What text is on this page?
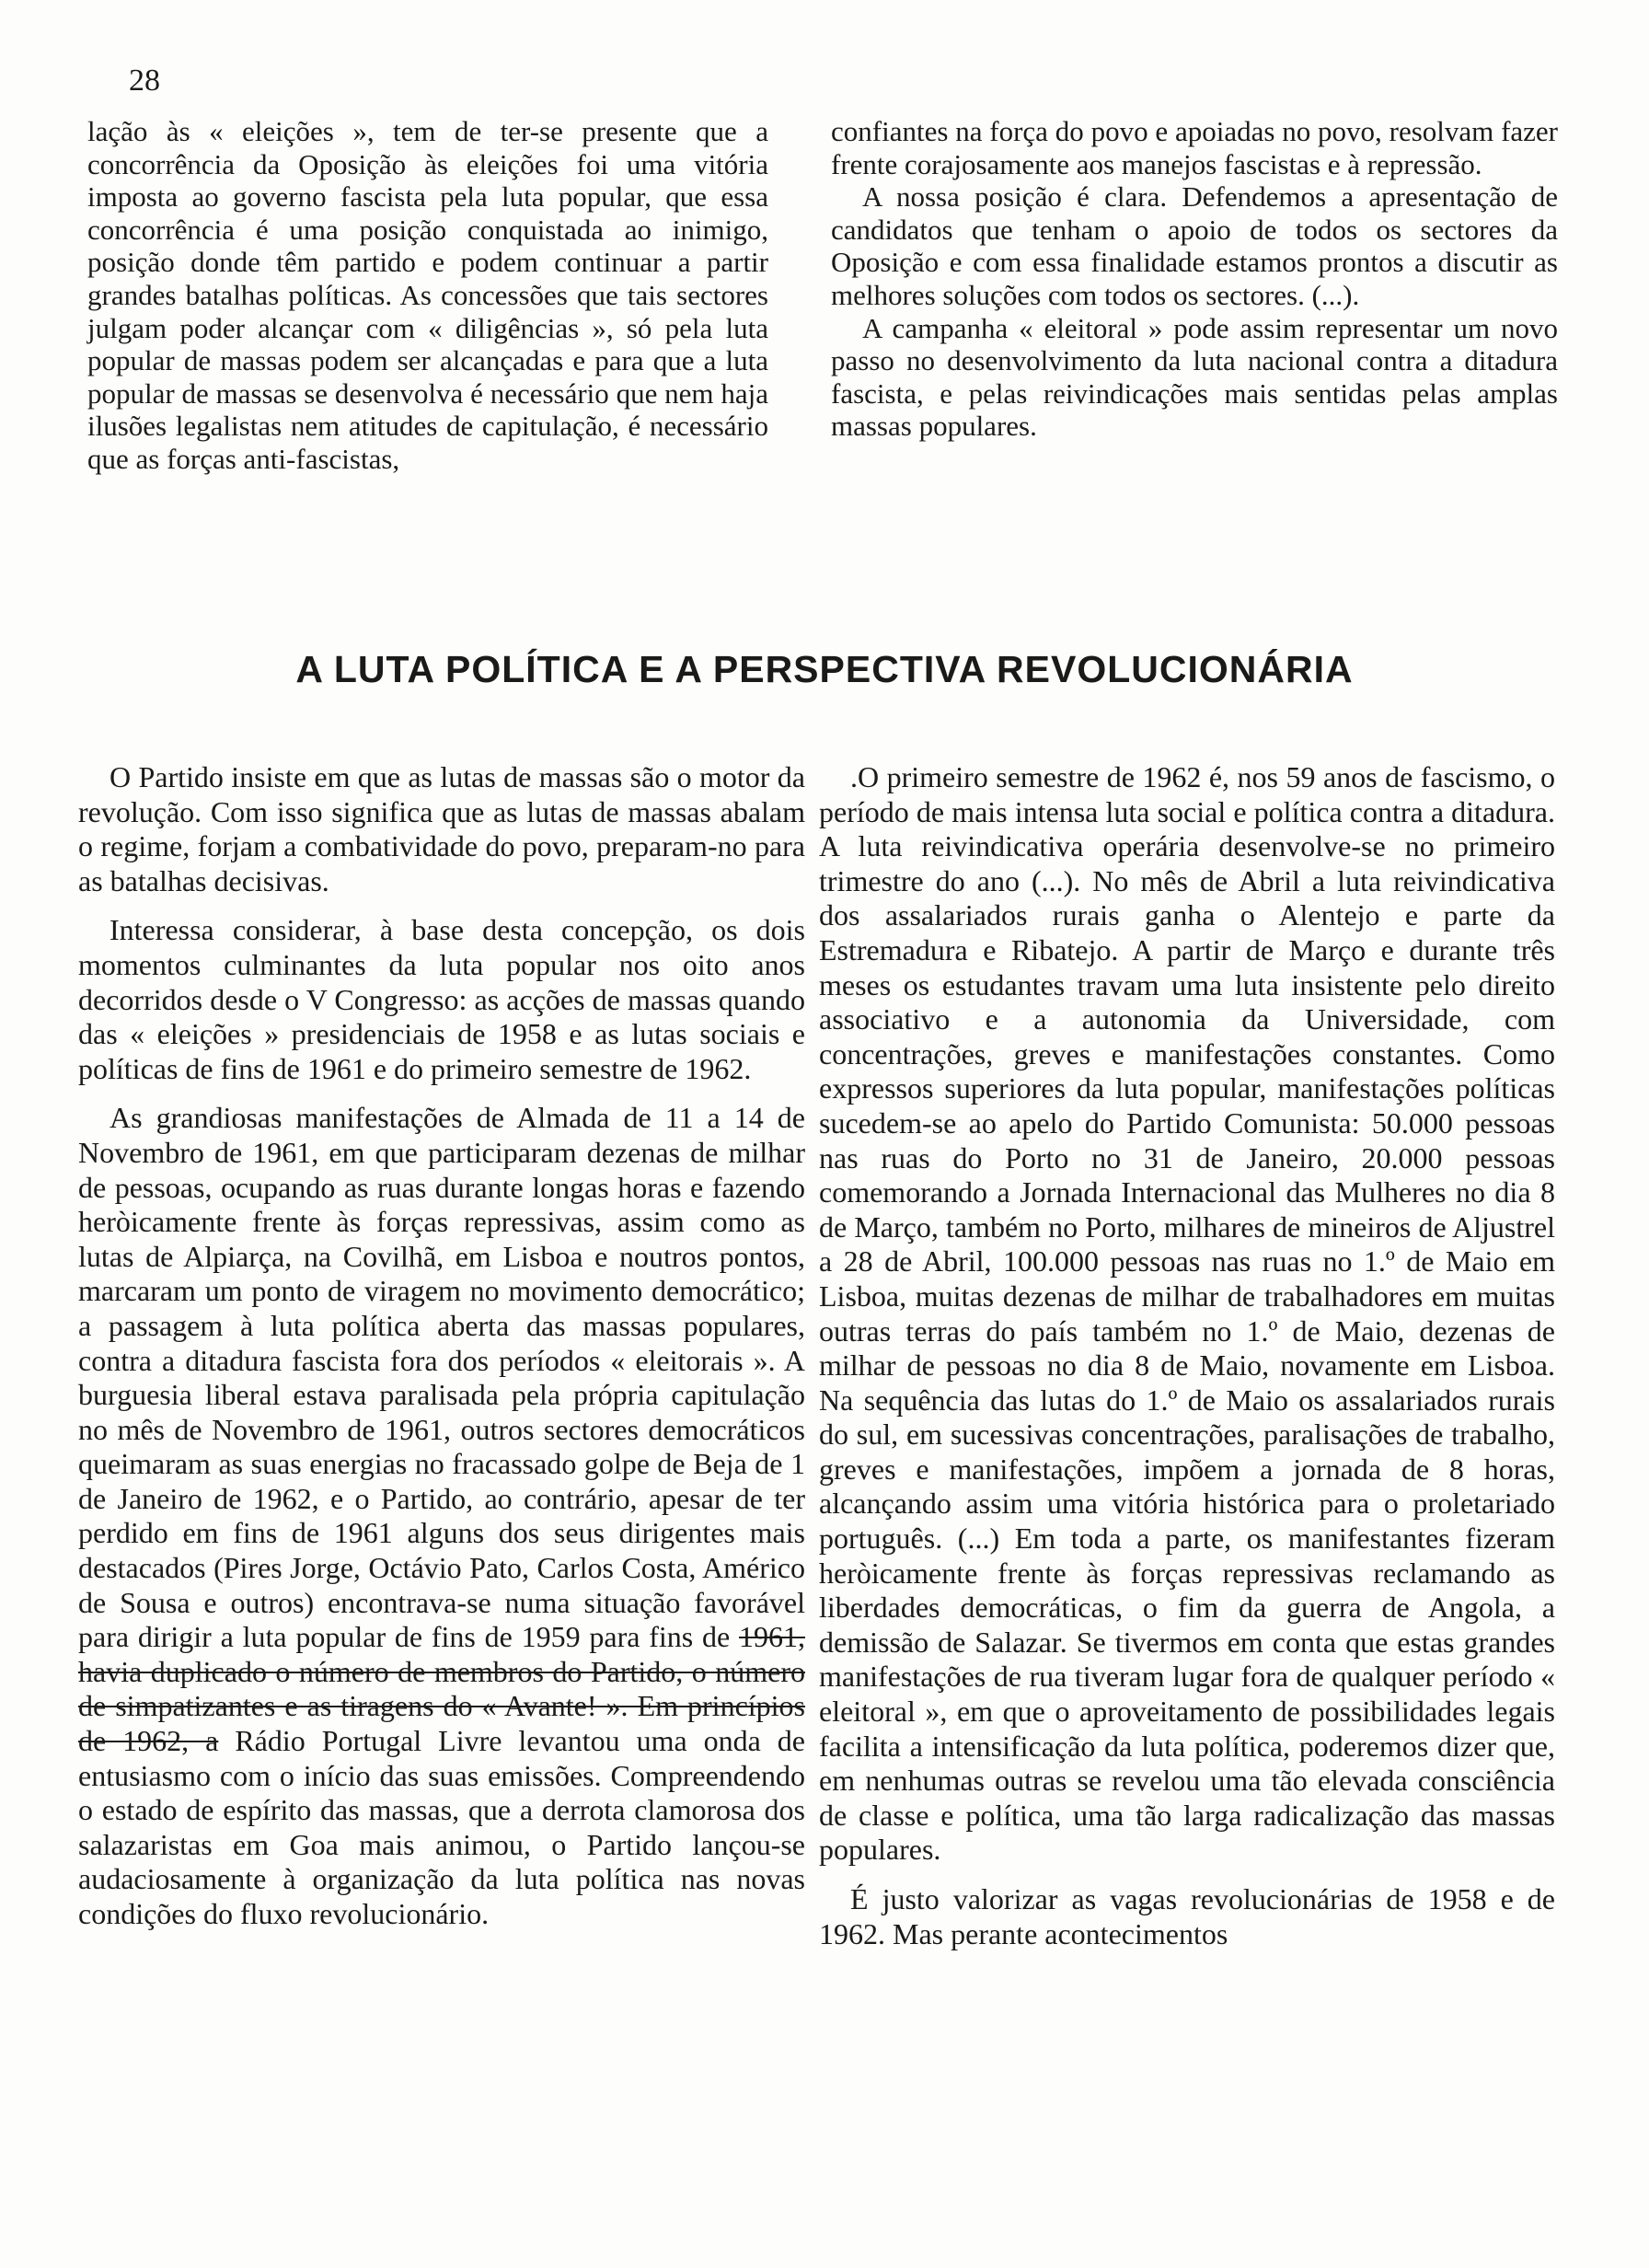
28

lação às « eleições », tem de ter-se presente que a concorrência da Oposição às eleições foi uma vitória imposta ao governo fascista pela luta popular, que essa concorrência é uma posição conquistada ao inimigo, posição donde têm partido e podem continuar a partir grandes batalhas políticas. As concessões que tais sectores julgam poder alcançar com « diligências », só pela luta popular de massas podem ser alcançadas e para que a luta popular de massas se desenvolva é necessário que nem haja ilusões legalistas nem atitudes de capitulação, é necessário que as forças anti-fascistas,

confiantes na força do povo e apoiadas no povo, resolvam fazer frente corajosamente aos manejos fascistas e à repressão.

A nossa posição é clara. Defendemos a apresentação de candidatos que tenham o apoio de todos os sectores da Oposição e com essa finalidade estamos prontos a discutir as melhores soluções com todos os sectores. (...).

A campanha « eleitoral » pode assim representar um novo passo no desenvolvimento da luta nacional contra a ditadura fascista, e pelas reivindicações mais sentidas pelas amplas massas populares.

A LUTA POLÍTICA E A PERSPECTIVA REVOLUCIONÁRIA

O Partido insiste em que as lutas de massas são o motor da revolução. Com isso significa que as lutas de massas abalam o regime, forjam a combatividade do povo, preparam-no para as batalhas decisivas.

Interessa considerar, à base desta concepção, os dois momentos culminantes da luta popular nos oito anos decorridos desde o V Congresso: as acções de massas quando das « eleições » presidenciais de 1958 e as lutas sociais e políticas de fins de 1961 e do primeiro semestre de 1962.

As grandiosas manifestações de Almada de 11 a 14 de Novembro de 1961, em que participaram dezenas de milhar de pessoas, ocupando as ruas durante longas horas e fazendo heròicamente frente às forças repressivas, assim como as lutas de Alpiarça, na Covilhã, em Lisboa e noutros pontos, marcaram um ponto de viragem no movimento democrático; a passagem à luta política aberta das massas populares, contra a ditadura fascista fora dos períodos « eleitorais ». A burguesia liberal estava paralisada pela própria capitulação no mês de Novembro de 1961, outros sectores democráticos queimaram as suas energias no fracassado golpe de Beja de 1 de Janeiro de 1962, e o Partido, ao contrário, apesar de ter perdido em fins de 1961 alguns dos seus dirigentes mais destacados (Pires Jorge, Octávio Pato, Carlos Costa, Américo de Sousa e outros) encontrava-se numa situação favorável para dirigir a luta popular de fins de 1959 para fins de 1961, havia duplicado o número de membros do Partido, o número de simpatizantes e as tiragens do « Avante! ». Em princípios de 1962, a Rádio Portugal Livre levantou uma onda de entusiasmo com o início das suas emissões. Compreendendo o estado de espírito das massas, que a derrota clamorosa dos salazaristas em Goa mais animou, o Partido lançou-se audaciosamente à organização da luta política nas novas condições do fluxo revolucionário.

.O primeiro semestre de 1962 é, nos 59 anos de fascismo, o período de mais intensa luta social e política contra a ditadura. A luta reivindicativa operária desenvolve-se no primeiro trimestre do ano (...). No mês de Abril a luta reivindicativa dos assalariados rurais ganha o Alentejo e parte da Estremadura e Ribatejo. A partir de Março e durante três meses os estudantes travam uma luta insistente pelo direito associativo e a autonomia da Universidade, com concentrações, greves e manifestações constantes. Como expressos superiores da luta popular, manifestações políticas sucedem-se ao apelo do Partido Comunista: 50.000 pessoas nas ruas do Porto no 31 de Janeiro, 20.000 pessoas comemorando a Jornada Internacional das Mulheres no dia 8 de Março, também no Porto, milhares de mineiros de Aljustrel a 28 de Abril, 100.000 pessoas nas ruas no 1.º de Maio em Lisboa, muitas dezenas de milhar de trabalhadores em muitas outras terras do país também no 1.º de Maio, dezenas de milhar de pessoas no dia 8 de Maio, novamente em Lisboa. Na sequência das lutas do 1.º de Maio os assalariados rurais do sul, em sucessivas concentrações, paralisações de trabalho, greves e manifestações, impõem a jornada de 8 horas, alcançando assim uma vitória histórica para o proletariado português. (...) Em toda a parte, os manifestantes fizeram heròicamente frente às forças repressivas reclamando as liberdades democráticas, o fim da guerra de Angola, a demissão de Salazar. Se tivermos em conta que estas grandes manifestações de rua tiveram lugar fora de qualquer período « eleitoral », em que o aproveitamento de possibilidades legais facilita a intensificação da luta política, poderemos dizer que, em nenhumas outras se revelou uma tão elevada consciência de classe e política, uma tão larga radicalização das massas populares.

É justo valorizar as vagas revolucionárias de 1958 e de 1962. Mas perante acontecimentos
